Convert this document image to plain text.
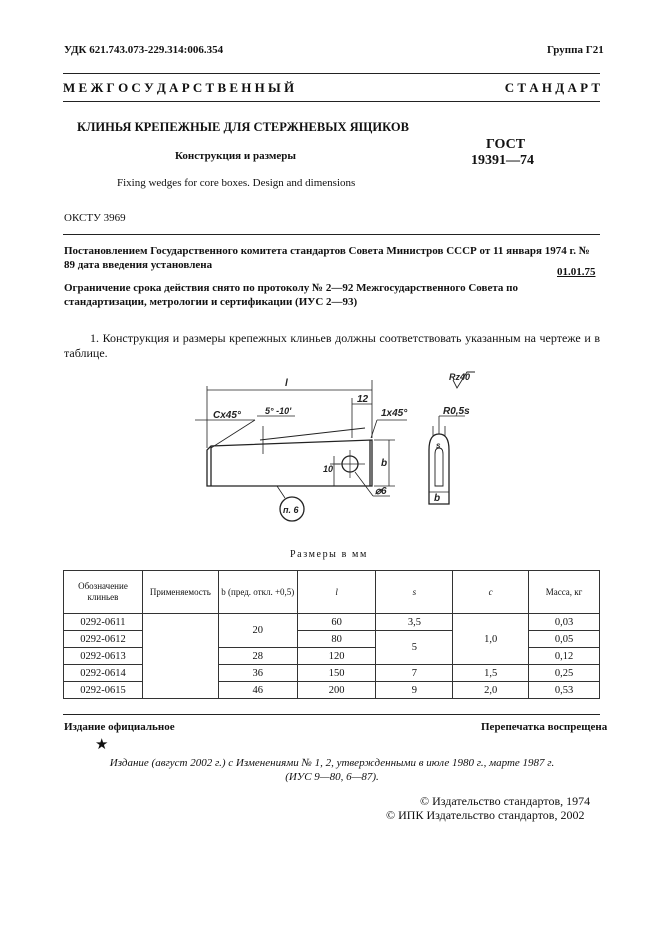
УДК 621.743.073-229.314:006.354	Группа Г21
М Е Ж Г О С У Д А Р С Т В Е Н Н Ы Й	С Т А Н Д А Р Т
КЛИНЬЯ КРЕПЕЖНЫЕ ДЛЯ СТЕРЖНЕВЫХ ЯЩИКОВ
Конструкция и размеры
ГОСТ
19391—74
Fixing wedges for core boxes. Design and dimensions
ОКСТУ 3969
Постановлением Государственного комитета стандартов Совета Министров СССР от 11 января 1974 г. № 89 дата введения установлена
01.01.75
Ограничение срока действия снято по протоколу № 2—92 Межгосударственного Совета по стандартизации, метрологии и сертификации (ИУС 2—93)
1. Конструкция и размеры крепежных клиньев должны соответствовать указанным на чертеже и в таблице.
l
Cx45°	5° -10'
12
1x45°
b
10
⌀6
п. 6
Rz40
R0,5s
s
b
Размеры в мм
Обозначение клиньев	Применяемость	b (пред. откл. +0,5)	l	s	c	Масса, кг
0292-0611		20	60	3,5	1,0	0,03
0292-0612			80	5		0,05
0292-0613		28	120			0,12
0292-0614		36	150	7	1,5	0,25
0292-0615		46	200	9	2,0	0,53
Издание официальное	Перепечатка воспрещена
★
Издание (август 2002 г.) с Изменениями № 1, 2, утвержденными в июле 1980 г., марте 1987 г.
(ИУС 9—80, 6—87).
© Издательство стандартов, 1974
© ИПК Издательство стандартов, 2002
